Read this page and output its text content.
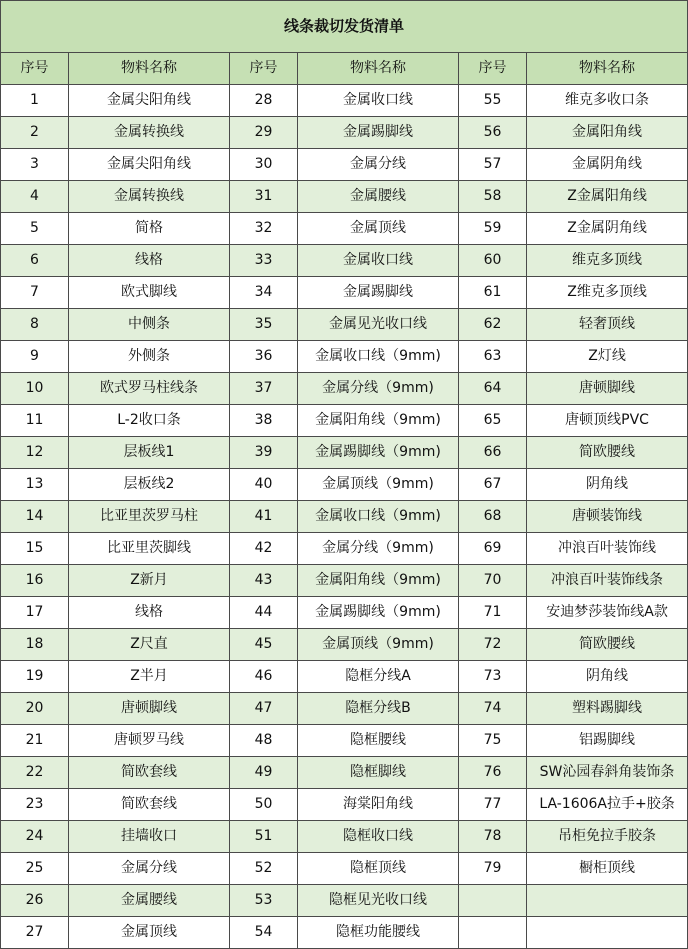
线条裁切发货清单					
序号	物料名称	序号	物料名称	序号	物料名称
1	金属尖阳角线	28	金属收口线	55	维克多收口条
2	金属转换线	29	金属踢脚线	56	金属阳角线
3	金属尖阳角线	30	金属分线	57	金属阴角线
4	金属转换线	31	金属腰线	58	Z金属阳角线
5	简格	32	金属顶线	59	Z金属阴角线
6	线格	33	金属收口线	60	维克多顶线
7	欧式脚线	34	金属踢脚线	61	Z维克多顶线
8	中侧条	35	金属见光收口线	62	轻奢顶线
9	外侧条	36	金属收口线（9mm)	63	Z灯线
10	欧式罗马柱线条	37	金属分线（9mm)	64	唐顿脚线
11	L-2收口条	38	金属阳角线（9mm)	65	唐顿顶线PVC
12	层板线1	39	金属踢脚线（9mm)	66	简欧腰线
13	层板线2	40	金属顶线（9mm)	67	阴角线
14	比亚里茨罗马柱	41	金属收口线（9mm)	68	唐顿装饰线
15	比亚里茨脚线	42	金属分线（9mm)	69	冲浪百叶装饰线
16	Z新月	43	金属阳角线（9mm)	70	冲浪百叶装饰线条
17	线格	44	金属踢脚线（9mm)	71	安迪梦莎装饰线A款
18	Z尺直	45	金属顶线（9mm)	72	简欧腰线
19	Z半月	46	隐框分线A	73	阴角线
20	唐顿脚线	47	隐框分线B	74	塑料踢脚线
21	唐顿罗马线	48	隐框腰线	75	铝踢脚线
22	简欧套线	49	隐框脚线	76	SW沁园春斜角装饰条
23	简欧套线	50	海棠阳角线	77	LA-1606A拉手+胶条
24	挂墙收口	51	隐框收口线	78	吊柜免拉手胶条
25	金属分线	52	隐框顶线	79	橱柜顶线
26	金属腰线	53	隐框见光收口线		
27	金属顶线	54	隐框功能腰线		
